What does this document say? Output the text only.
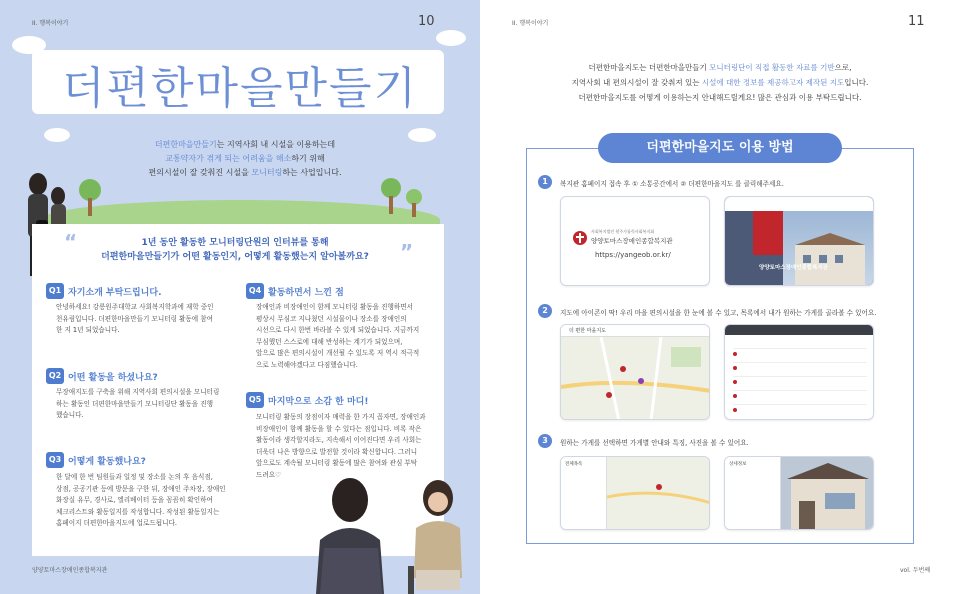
II. 행복이야기	10
더편한마을만들기
더편한마을만들기는 지역사회 내 시설을 이용하는데
교통약자가 겪게 되는 어려움을 해소하기 위해
편의시설이 잘 갖춰진 시설을 모니터링하는 사업입니다.
“	”
1년 동안 활동한 모니터링단원의 인터뷰를 통해
더편한마을만들기가 어떤 활동인지, 어떻게 활동했는지 알아볼까요?
Q1 자기소개 부탁드립니다.
안녕하세요! 강릉원주대학교 사회복지학과에 재학 중인
천유림입니다. 더편한마을만들기 모니터링 활동에 참여
한 지 1년 되었습니다.
Q2 어떤 활동을 하셨나요?
무장애지도를 구축을 위해 지역사회 편의시설을 모니터링
하는 활동인 더편한마을만들기 모니터링단 활동을 진행
했습니다.
Q3 어떻게 활동했나요?
한 달에 한 번 팀원들과 일정 및 장소를 논의 후 음식점,
상점, 공공기관 등에 방문을 구한 뒤, 장애인 주차장, 장애인
화장실 유무, 경사로, 엘리베이터 등을 꼼꼼히 확인하여
체크리스트와 활동일지를 작성합니다. 작성된 활동일지는
홈페이지 더편한마을지도에 업로드됩니다.
Q4 활동하면서 느낀 점
장애인과 비장애인이 함께 모니터링 활동을 진행하면서
평상시 무심코 지나쳤던 시설물이나 장소를 장애인의
시선으로 다시 한번 바라볼 수 있게 되었습니다. 지금까지
무심했던 스스로에 대해 반성하는 계기가 되었으며,
앞으로 많은 편의시설이 개선될 수 있도록 저 역시 적극적
으로 노력해야겠다고 다짐했습니다.
Q5 마지막으로 소감 한 마디!
모니터링 활동의 장점이자 매력을 한 가지 꼽자면, 장애인과
비장애인이 함께 활동을 할 수 있다는 점입니다. 비록 작은
활동이라 생각할지라도, 지속해서 이어진다면 우리 사회는
더욱더 나은 방향으로 발전할 것이라 확신합니다. 그러니
앞으로도 계속될 모니터링 활동에 많은 참여와 관심 부탁
드려요♡
양양토마스장애인종합복지관
II. 행복이야기	11
더편한마을지도는 더편한마을만들기 모니터링단이 직접 활동한 자료를 기반으로,
지역사회 내 편의시설이 잘 갖춰져 있는 시설에 대한 정보를 제공하고자 제작된 지도입니다.
더편한마을지도를 어떻게 이용하는지 안내해드릴게요! 많은 관심과 이용 부탁드립니다.
더편한마을지도 이용 방법
1	복지관 홈페이지 접속 후 ① 소통공간에서 ② 더편한마을지도 를 클릭해주세요.
사회복지법인 원주가톨릭사회복지회
양양토마스장애인종합복지관
https://yangeob.or.kr/
양양토마스장애인종합복지관
2	지도에 아이콘이 딱! 우리 마을 편의시설을 한 눈에 볼 수 있고, 목록에서 내가 원하는 가게를 골라볼 수 있어요.
더 편한 마을지도
3	원하는 가게를 선택하면 가게별 안내와 특징, 사진을 볼 수 있어요.
전체목록	상세정보
vol. 두번째
